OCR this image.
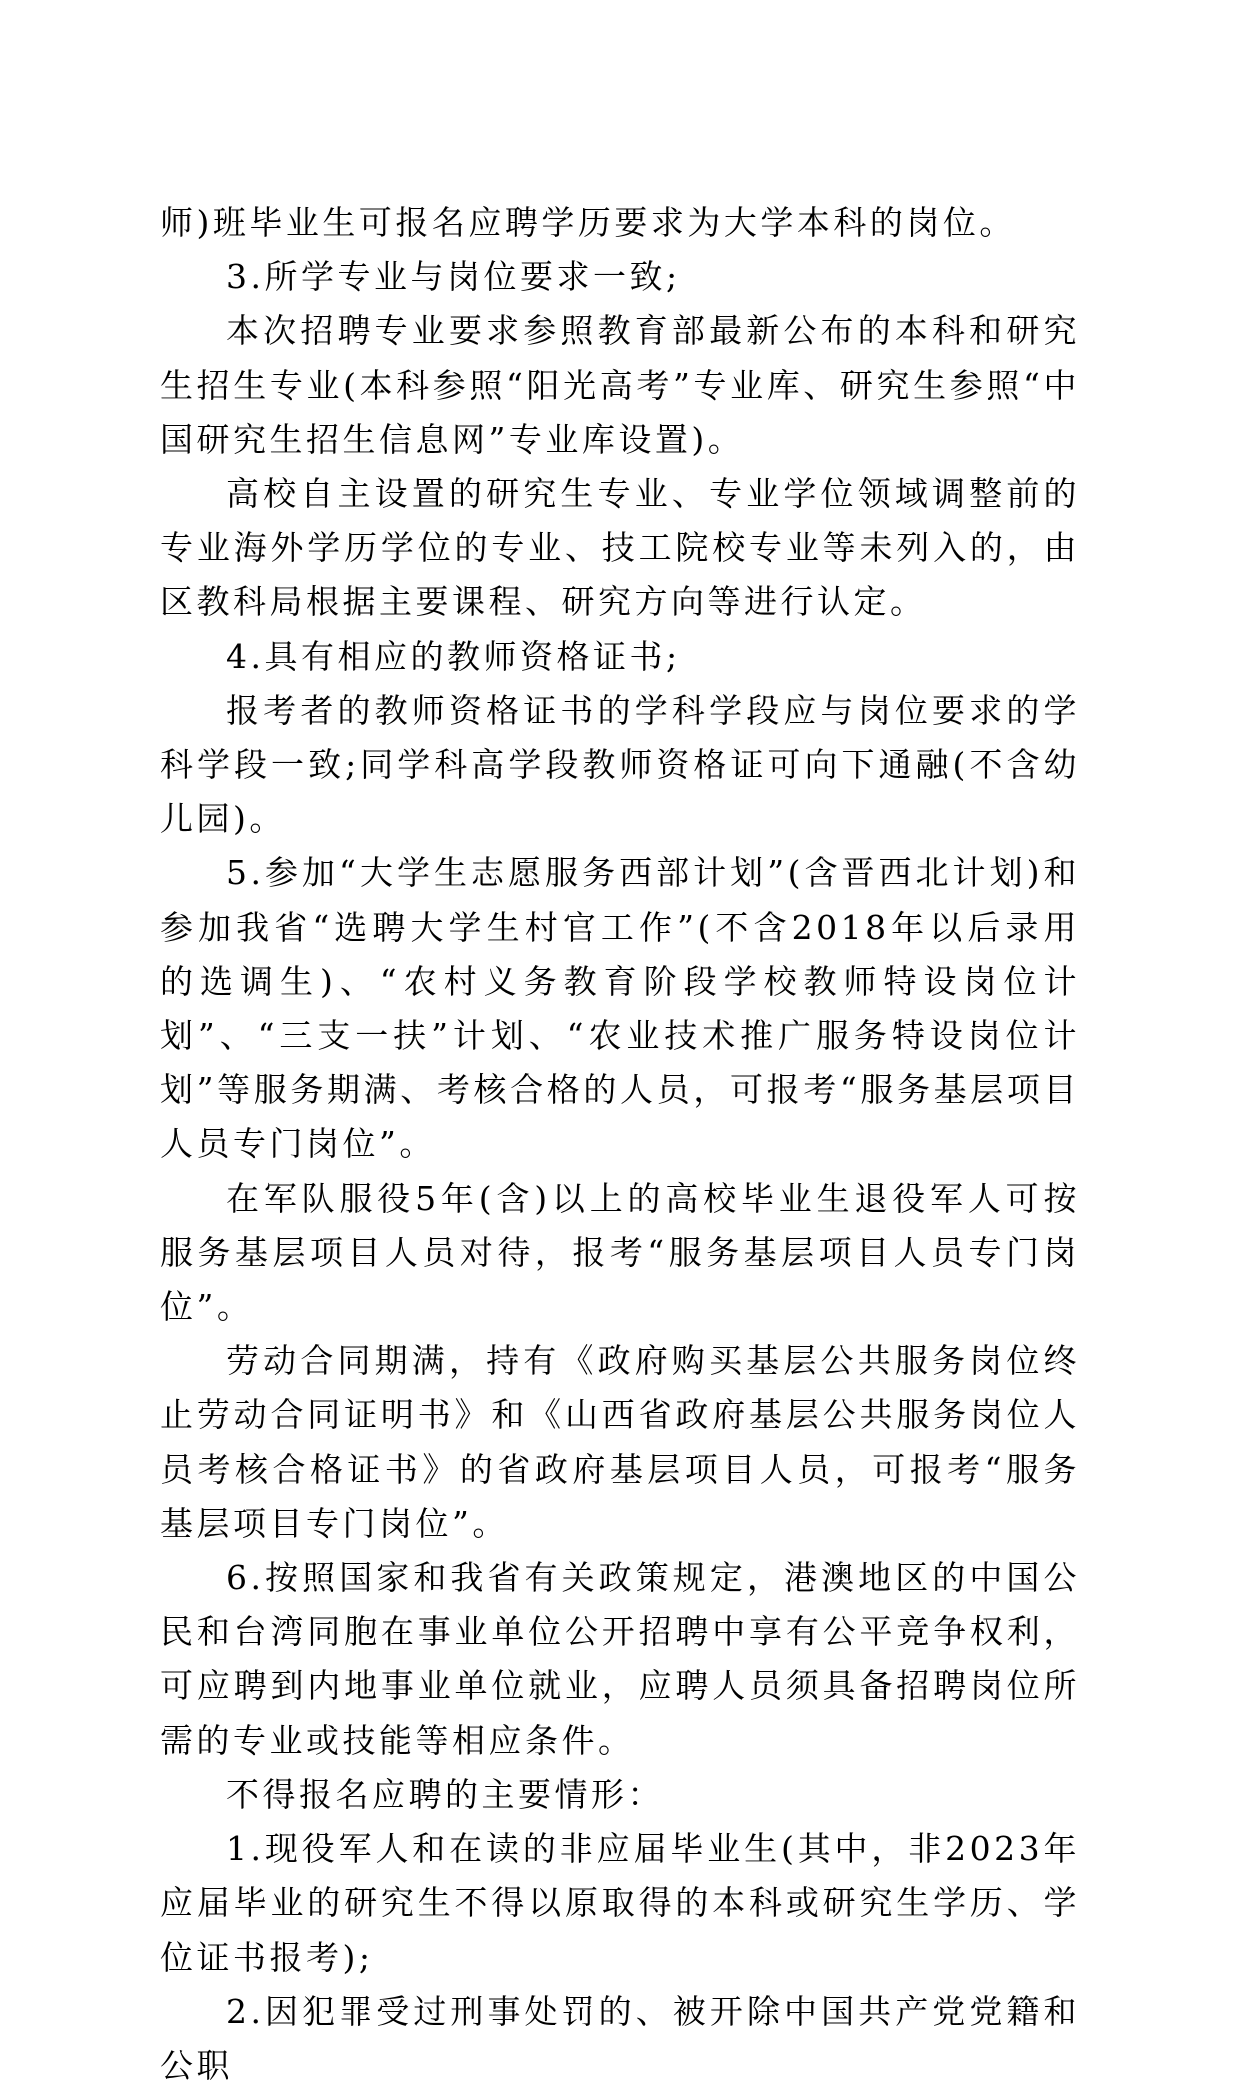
师)班毕业生可报名应聘学历要求为大学本科的岗位。

3.所学专业与岗位要求一致;

本次招聘专业要求参照教育部最新公布的本科和研究生招生专业(本科参照“阳光高考”专业库、研究生参照“中国研究生招生信息网”专业库设置)。

高校自主设置的研究生专业、专业学位领域调整前的专业海外学历学位的专业、技工院校专业等未列入的，由区教科局根据主要课程、研究方向等进行认定。

4.具有相应的教师资格证书;

报考者的教师资格证书的学科学段应与岗位要求的学科学段一致;同学科高学段教师资格证可向下通融(不含幼儿园)。

5.参加“大学生志愿服务西部计划”(含晋西北计划)和参加我省“选聘大学生村官工作”(不含2018年以后录用的选调生)、“农村义务教育阶段学校教师特设岗位计划”、“三支一扶”计划、“农业技术推广服务特设岗位计划”等服务期满、考核合格的人员，可报考“服务基层项目人员专门岗位”。

在军队服役5年(含)以上的高校毕业生退役军人可按服务基层项目人员对待，报考“服务基层项目人员专门岗位”。

劳动合同期满，持有《政府购买基层公共服务岗位终止劳动合同证明书》和《山西省政府基层公共服务岗位人员考核合格证书》的省政府基层项目人员，可报考“服务基层项目专门岗位”。

6.按照国家和我省有关政策规定，港澳地区的中国公民和台湾同胞在事业单位公开招聘中享有公平竞争权利，可应聘到内地事业单位就业，应聘人员须具备招聘岗位所需的专业或技能等相应条件。

不得报名应聘的主要情形：

1.现役军人和在读的非应届毕业生(其中，非2023年应届毕业的研究生不得以原取得的本科或研究生学历、学位证书报考);

2.因犯罪受过刑事处罚的、被开除中国共产党党籍和公职
